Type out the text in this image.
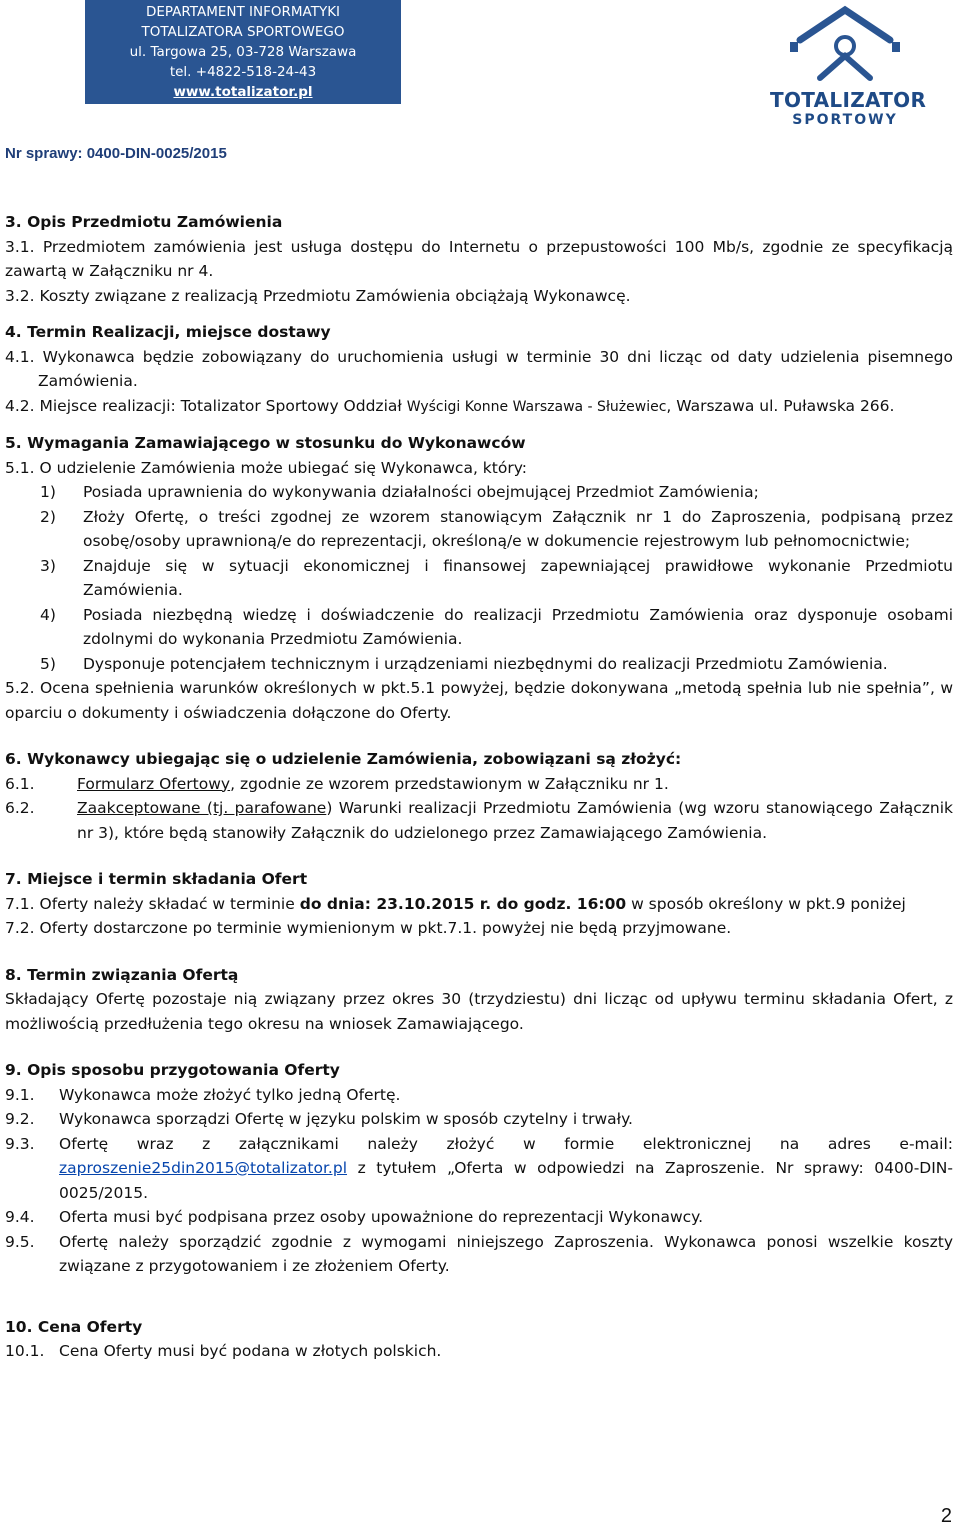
DEPARTAMENT INFORMATYKI
TOTALIZATORA SPORTOWEGO
ul. Targowa 25, 03-728 Warszawa
tel. +4822-518-24-43
www.totalizator.pl	TOTALIZATOR
SPORTOWY
Nr sprawy: 0400-DIN-0025/2015

3. Opis Przedmiotu Zamówienia

3.1. Przedmiotem zamówienia jest usługa dostępu do Internetu o przepustowości 100 Mb/s, zgodnie ze specyfikacją zawartą w Załączniku nr 4.

3.2. Koszty związane z realizacją Przedmiotu Zamówienia obciążają Wykonawcę.

4. Termin Realizacji, miejsce dostawy

4.1. Wykonawca będzie zobowiązany do uruchomienia usługi w terminie 30 dni licząc od daty udzielenia pisemnego Zamówienia.

4.2. Miejsce realizacji: Totalizator Sportowy Oddział Wyścigi Konne Warszawa - Służewiec, Warszawa ul. Puławska 266.

5. Wymagania Zamawiającego w stosunku do Wykonawców

5.1. O udzielenie Zamówienia może ubiegać się Wykonawca, który:

1) Posiada uprawnienia do wykonywania działalności obejmującej Przedmiot Zamówienia;

2) Złoży Ofertę, o treści zgodnej ze wzorem stanowiącym Załącznik nr 1 do Zaproszenia, podpisaną przez osobę/osoby uprawnioną/e do reprezentacji, określoną/e w dokumencie rejestrowym lub pełnomocnictwie;

3) Znajduje się w sytuacji ekonomicznej i finansowej zapewniającej prawidłowe wykonanie Przedmiotu Zamówienia.

4) Posiada niezbędną wiedzę i doświadczenie do realizacji Przedmiotu Zamówienia oraz dysponuje osobami zdolnymi do wykonania Przedmiotu Zamówienia.

5) Dysponuje potencjałem technicznym i urządzeniami niezbędnymi do realizacji Przedmiotu Zamówienia.

5.2. Ocena spełnienia warunków określonych w pkt.5.1 powyżej, będzie dokonywana „metodą spełnia lub nie spełnia”, w oparciu o dokumenty i oświadczenia dołączone do Oferty.

6. Wykonawcy ubiegając się o udzielenie Zamówienia, zobowiązani są złożyć:

6.1.	Formularz Ofertowy, zgodnie ze wzorem przedstawionym w Załączniku nr 1.

6.2.	Zaakceptowane (tj. parafowane) Warunki realizacji Przedmiotu Zamówienia (wg wzoru stanowiącego Załącznik nr 3), które będą stanowiły Załącznik do udzielonego przez Zamawiającego Zamówienia.

7. Miejsce i termin składania Ofert

7.1. Oferty należy składać w terminie do dnia: 23.10.2015 r. do godz. 16:00 w sposób określony w pkt.9 poniżej

7.2. Oferty dostarczone po terminie wymienionym w pkt.7.1. powyżej nie będą przyjmowane.

8. Termin związania Ofertą

Składający Ofertę pozostaje nią związany przez okres 30 (trzydziestu) dni licząc od upływu terminu składania Ofert, z możliwością przedłużenia tego okresu na wniosek Zamawiającego.

9. Opis sposobu przygotowania Oferty

9.1. Wykonawca może złożyć tylko jedną Ofertę.

9.2. Wykonawca sporządzi Ofertę w języku polskim w sposób czytelny i trwały.

9.3. Ofertę wraz z załącznikami należy złożyć w formie elektronicznej na adres e-mail: zaproszenie25din2015@totalizator.pl z tytułem „Oferta w odpowiedzi na Zaproszenie. Nr sprawy: 0400-DIN-0025/2015.

9.4. Oferta musi być podpisana przez osoby upoważnione do reprezentacji Wykonawcy.

9.5. Ofertę należy sporządzić zgodnie z wymogami niniejszego Zaproszenia. Wykonawca ponosi wszelkie koszty związane z przygotowaniem i ze złożeniem Oferty.

10. Cena Oferty

10.1. Cena Oferty musi być podana w złotych polskich.

2
